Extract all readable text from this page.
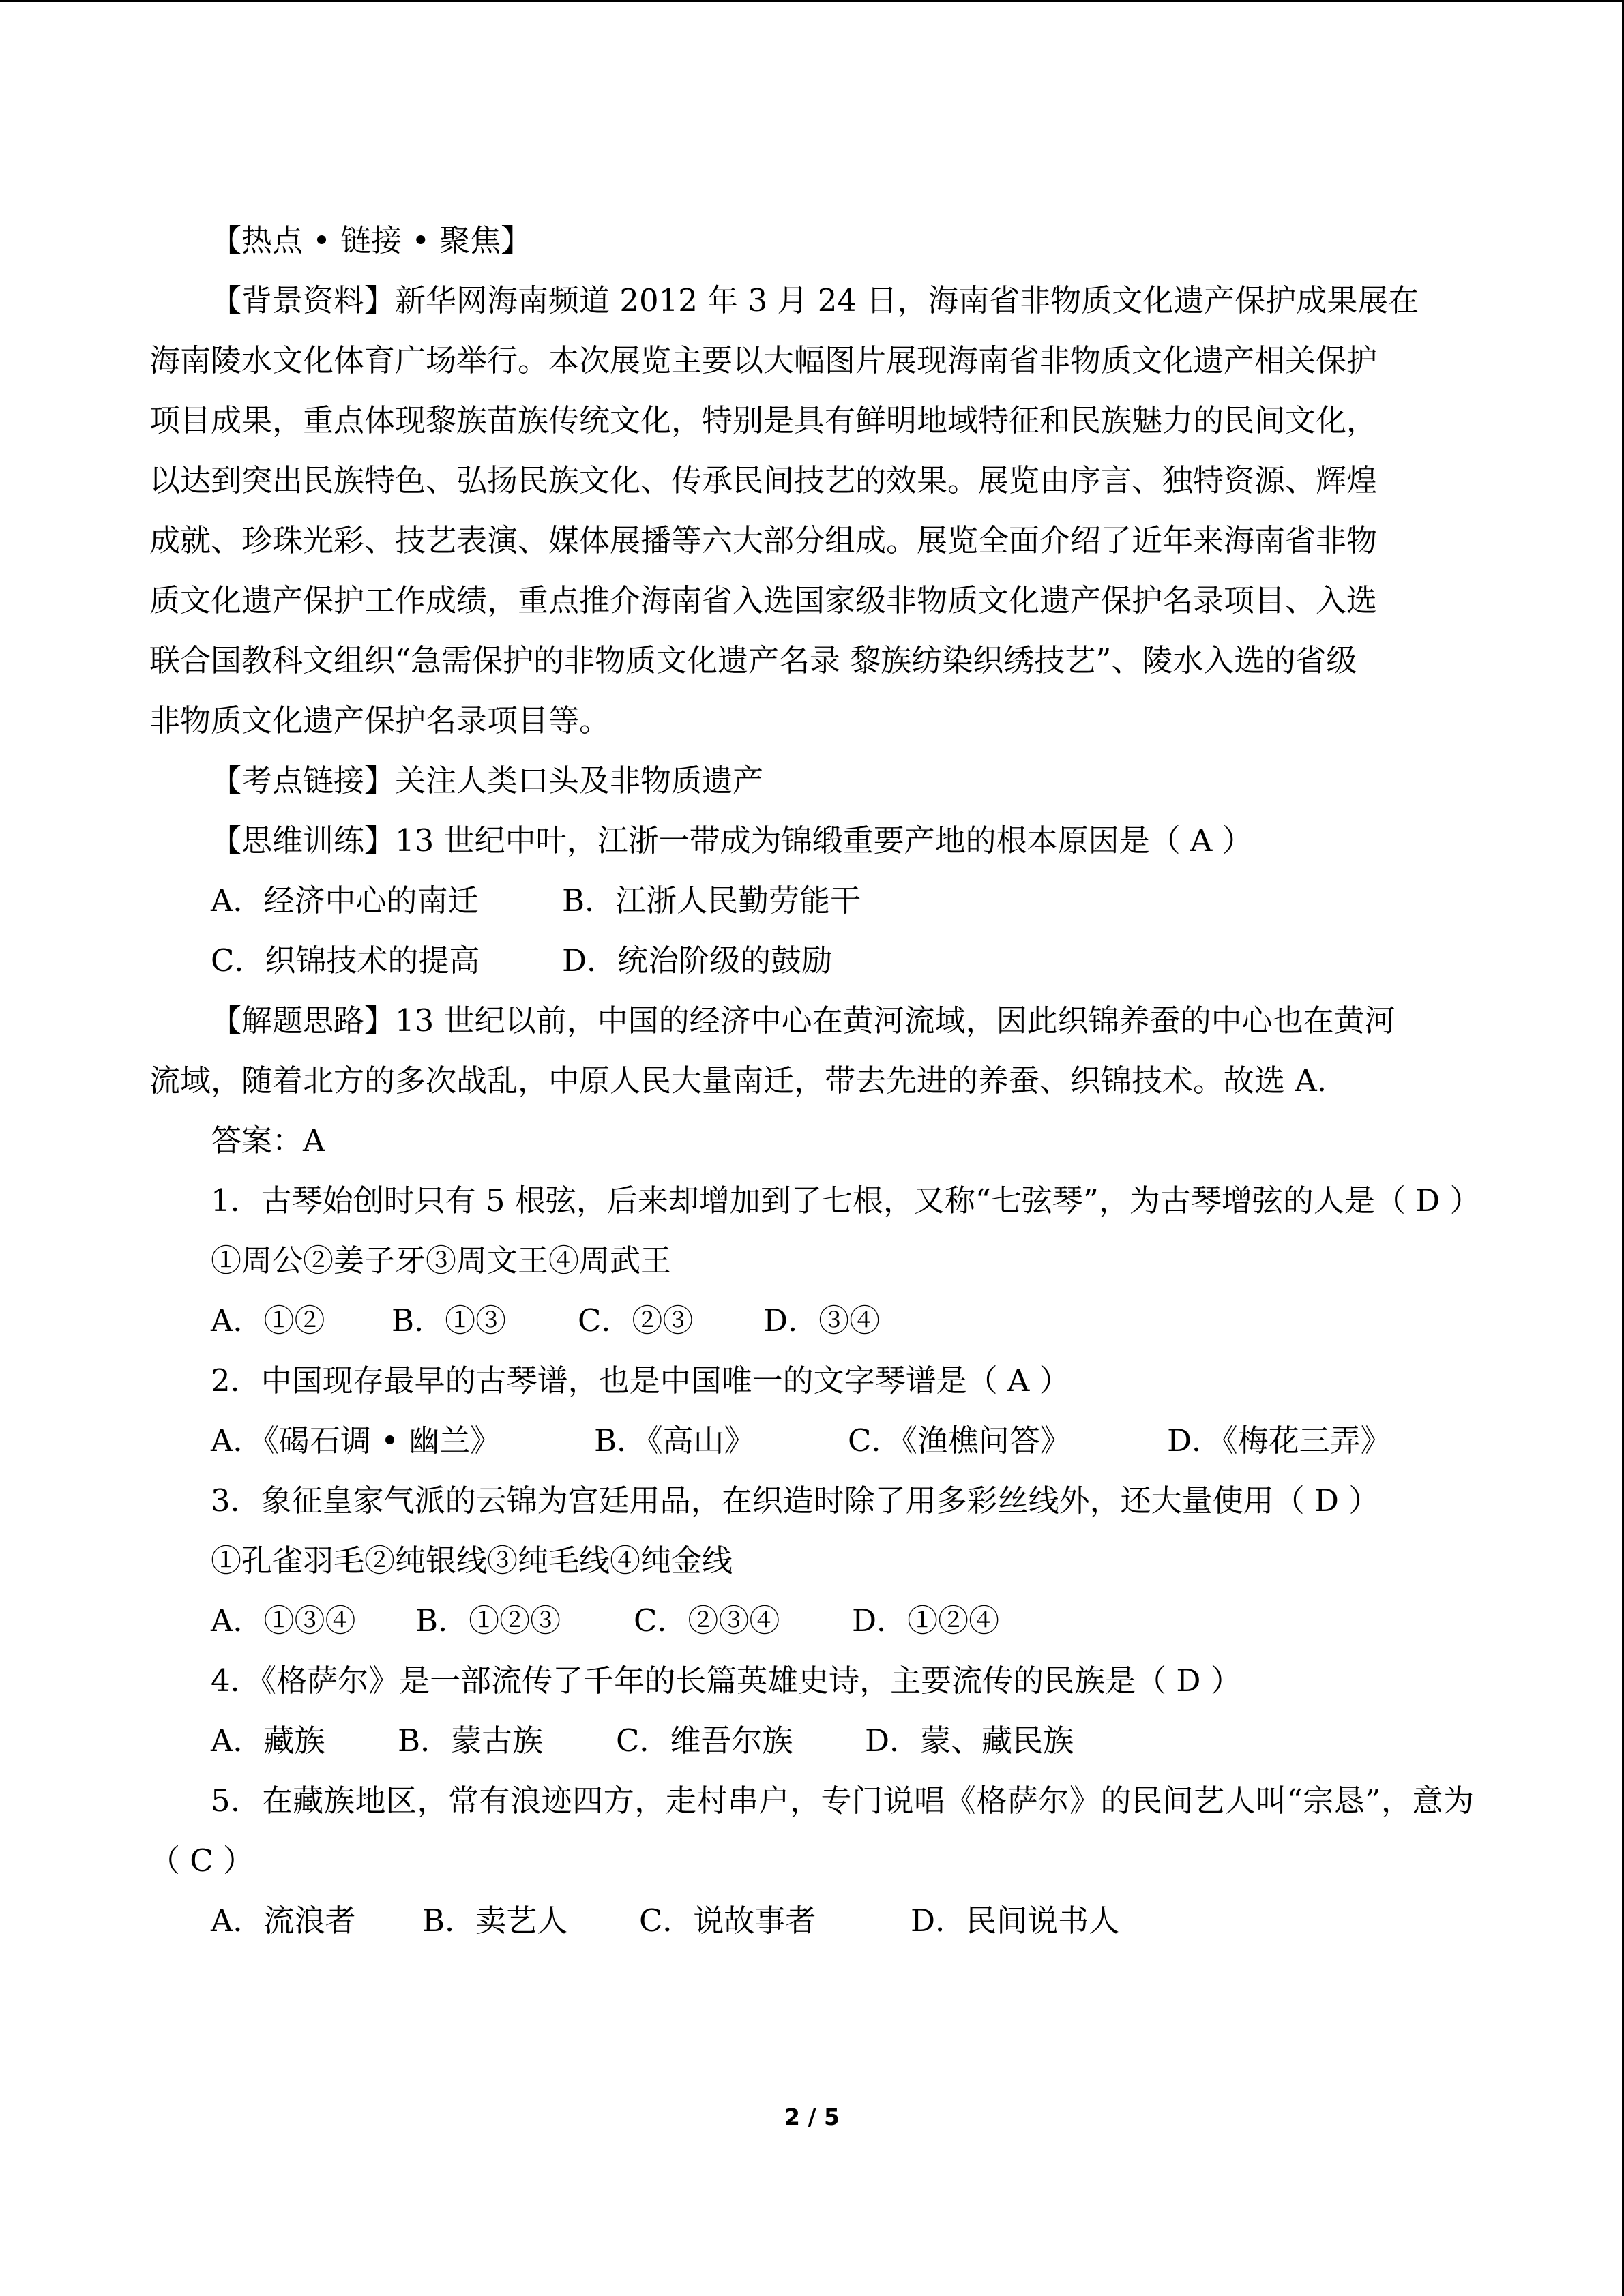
【热点 • 链接 • 聚焦】

【背景资料】新华网海南频道 2012 年 3 月 24 日，海南省非物质文化遗产保护成果展在

海南陵水文化体育广场举行。本次展览主要以大幅图片展现海南省非物质文化遗产相关保护

项目成果，重点体现黎族苗族传统文化，特别是具有鲜明地域特征和民族魅力的民间文化，

以达到突出民族特色、弘扬民族文化、传承民间技艺的效果。展览由序言、独特资源、辉煌

成就、珍珠光彩、技艺表演、媒体展播等六大部分组成。展览全面介绍了近年来海南省非物

质文化遗产保护工作成绩，重点推介海南省入选国家级非物质文化遗产保护名录项目、入选

联合国教科文组织“急需保护的非物质文化遗产名录 黎族纺染织绣技艺”、陵水入选的省级

非物质文化遗产保护名录项目等。

【考点链接】关注人类口头及非物质遗产

【思维训练】13 世纪中叶，江浙一带成为锦缎重要产地的根本原因是（ A ）

A．经济中心的南迁	B．江浙人民勤劳能干
C．织锦技术的提高	D．统治阶级的鼓励

【解题思路】13 世纪以前，中国的经济中心在黄河流域，因此织锦养蚕的中心也在黄河

流域，随着北方的多次战乱，中原人民大量南迁，带去先进的养蚕、织锦技术。故选 A.

答案：A

1．古琴始创时只有 5 根弦，后来却增加到了七根，又称“七弦琴”，为古琴增弦的人是（ D ）

①周公②姜子牙③周文王④周武王

A．①②	B．①③	C．②③	D．③④

2．中国现存最早的古琴谱，也是中国唯一的文字琴谱是（ A ）

A．《碣石调 • 幽兰》	B．《高山》	C．《渔樵问答》	D．《梅花三弄》

3．象征皇家气派的云锦为宫廷用品，在织造时除了用多彩丝线外，还大量使用（ D ）

①孔雀羽毛②纯银线③纯毛线④纯金线

A．①③④	B．①②③	C．②③④	D．①②④

4．《格萨尔》是一部流传了千年的长篇英雄史诗，主要流传的民族是（ D ）

A．藏族	B．蒙古族	C．维吾尔族	D．蒙、藏民族

5．在藏族地区，常有浪迹四方，走村串户，专门说唱《格萨尔》的民间艺人叫“宗恳”，意为（ C ）

A．流浪者	B．卖艺人	C．说故事者	D．民间说书人
2 / 5
